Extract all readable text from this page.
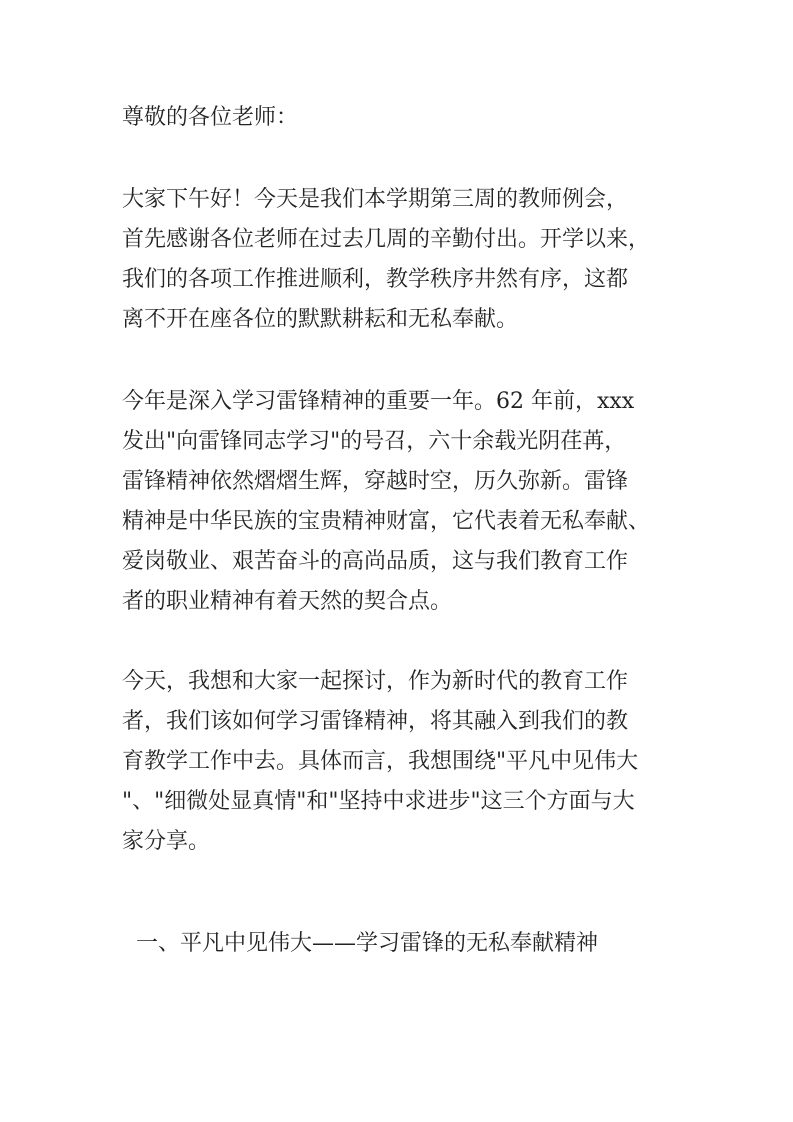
尊敬的各位老师：
大家下午好！今天是我们本学期第三周的教师例会，
首先感谢各位老师在过去几周的辛勤付出。开学以来，
我们的各项工作推进顺利，教学秩序井然有序，这都
离不开在座各位的默默耕耘和无私奉献。
今年是深入学习雷锋精神的重要一年。62 年前，xxx
发出"向雷锋同志学习"的号召，六十余载光阴荏苒，
雷锋精神依然熠熠生辉，穿越时空，历久弥新。雷锋
精神是中华民族的宝贵精神财富，它代表着无私奉献、
爱岗敬业、艰苦奋斗的高尚品质，这与我们教育工作
者的职业精神有着天然的契合点。
今天，我想和大家一起探讨，作为新时代的教育工作
者，我们该如何学习雷锋精神，将其融入到我们的教
育教学工作中去。具体而言，我想围绕"平凡中见伟大
"、"细微处显真情"和"坚持中求进步"这三个方面与大
家分享。
一、平凡中见伟大——学习雷锋的无私奉献精神
